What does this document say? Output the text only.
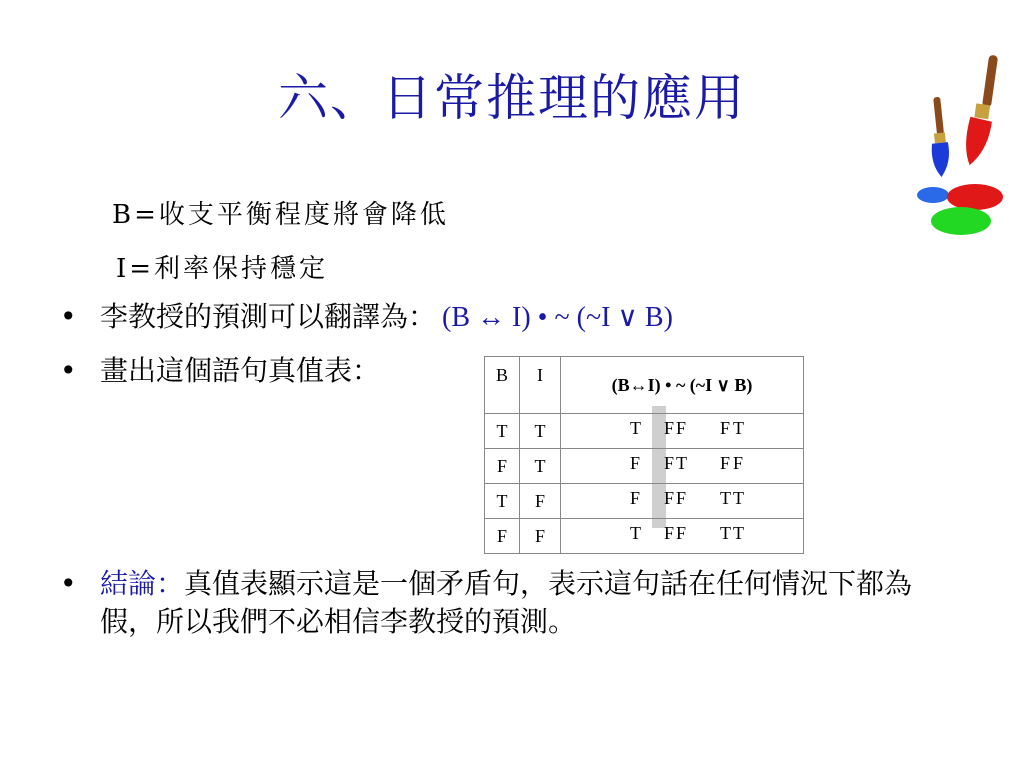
六、日常推理的應用
B=收支平衡程度將會降低
I=利率保持穩定
• 李教授的預測可以翻譯為： (B ↔ I) • ~ (~I ∨ B)
• 畫出這個語句真值表：	B	I	(B↔I) • ~ (~I ∨ B)
T	T	T F F F T

F	T	F F T F F

T	F	F F F T T

F	F	T F F T T
• 結論：真值表顯示這是一個矛盾句，表示這句話在任何情況下都為假，所以我們不必相信李教授的預測。
